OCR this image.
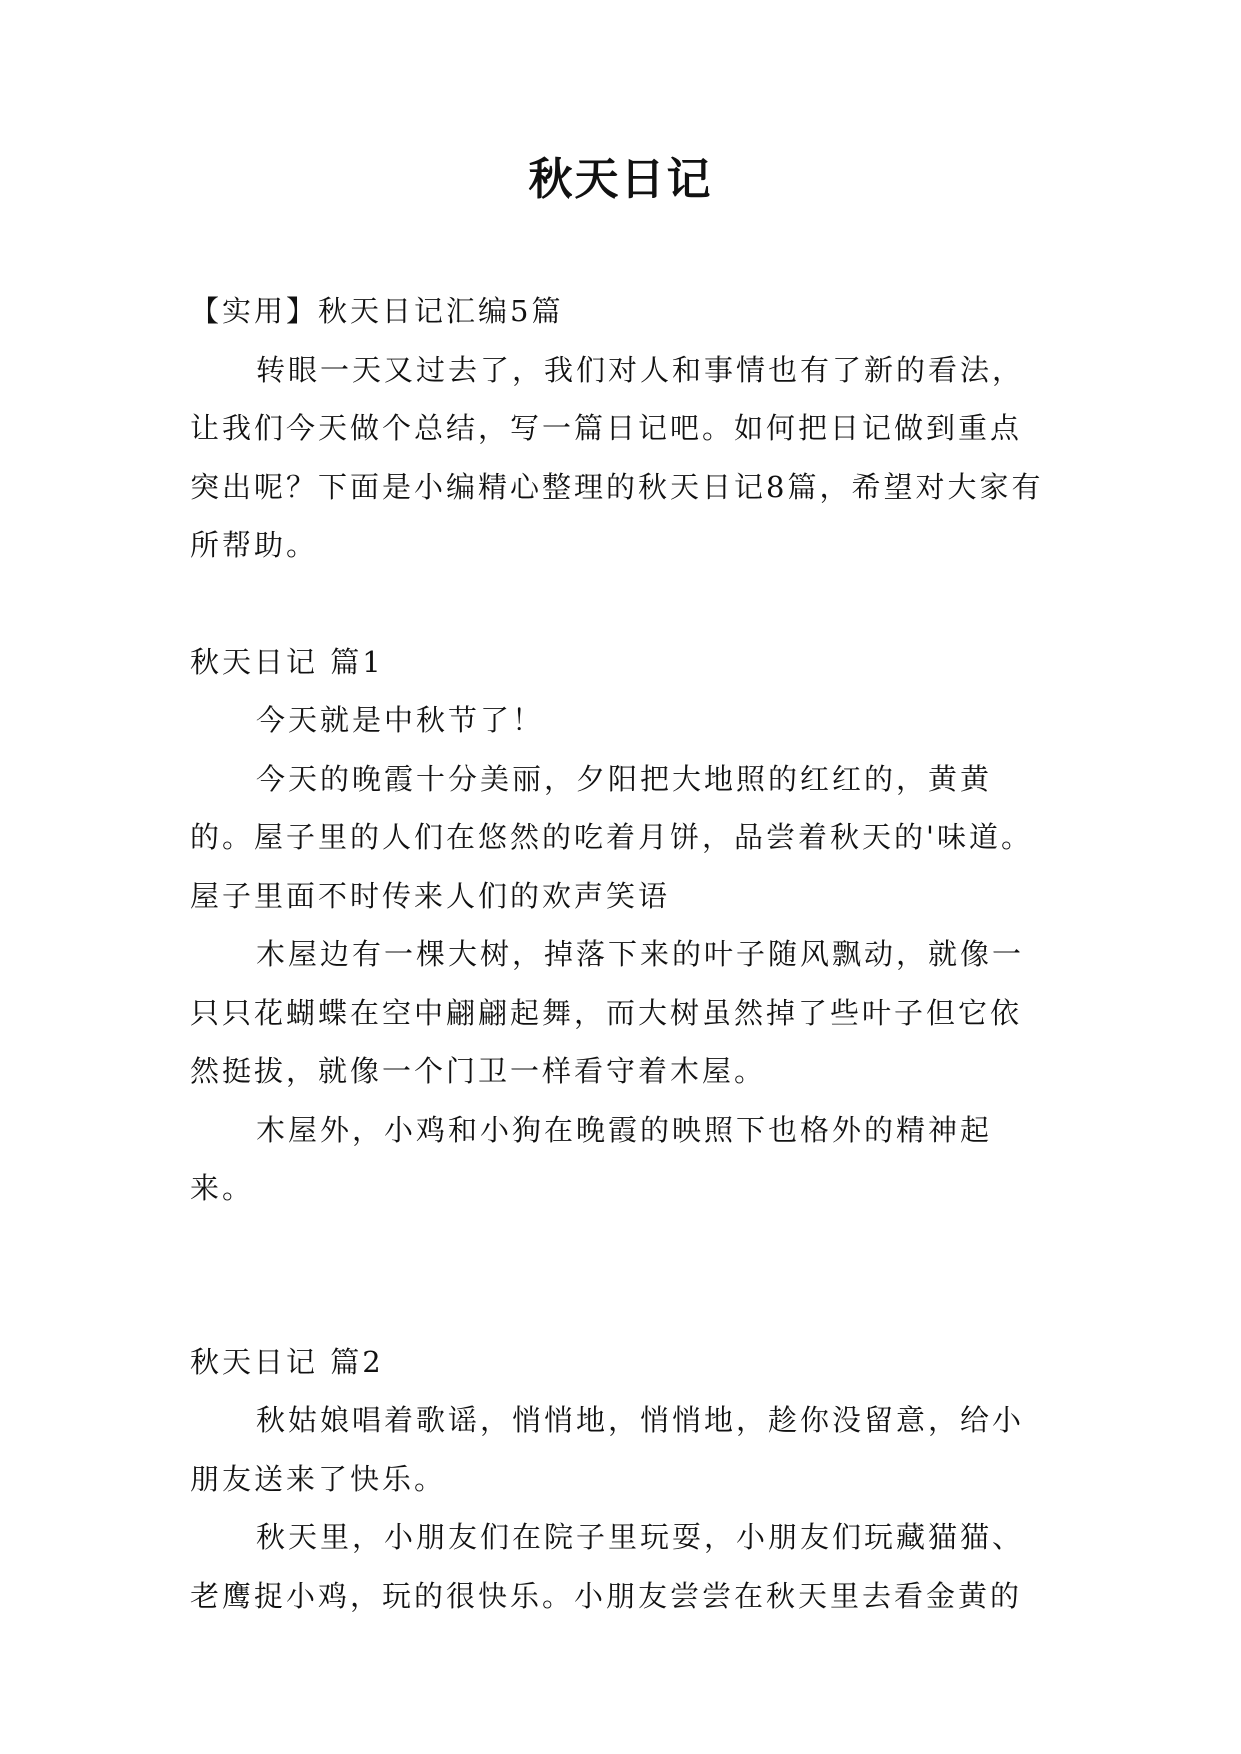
秋天日记

【实用】秋天日记汇编5篇

转眼一天又过去了，我们对人和事情也有了新的看法，让我们今天做个总结，写一篇日记吧。如何把日记做到重点突出呢？下面是小编精心整理的秋天日记8篇，希望对大家有所帮助。

秋天日记 篇1

今天就是中秋节了！

今天的晚霞十分美丽，夕阳把大地照的红红的，黄黄的。屋子里的人们在悠然的吃着月饼，品尝着秋天的'味道。屋子里面不时传来人们的欢声笑语

木屋边有一棵大树，掉落下来的叶子随风飘动，就像一只只花蝴蝶在空中翩翩起舞，而大树虽然掉了些叶子但它依然挺拔，就像一个门卫一样看守着木屋。

木屋外，小鸡和小狗在晚霞的映照下也格外的精神起来。

秋天日记 篇2

秋姑娘唱着歌谣，悄悄地，悄悄地，趁你没留意，给小朋友送来了快乐。

秋天里，小朋友们在院子里玩耍，小朋友们玩藏猫猫、老鹰捉小鸡，玩的很快乐。小朋友尝尝在秋天里去看金黄的
